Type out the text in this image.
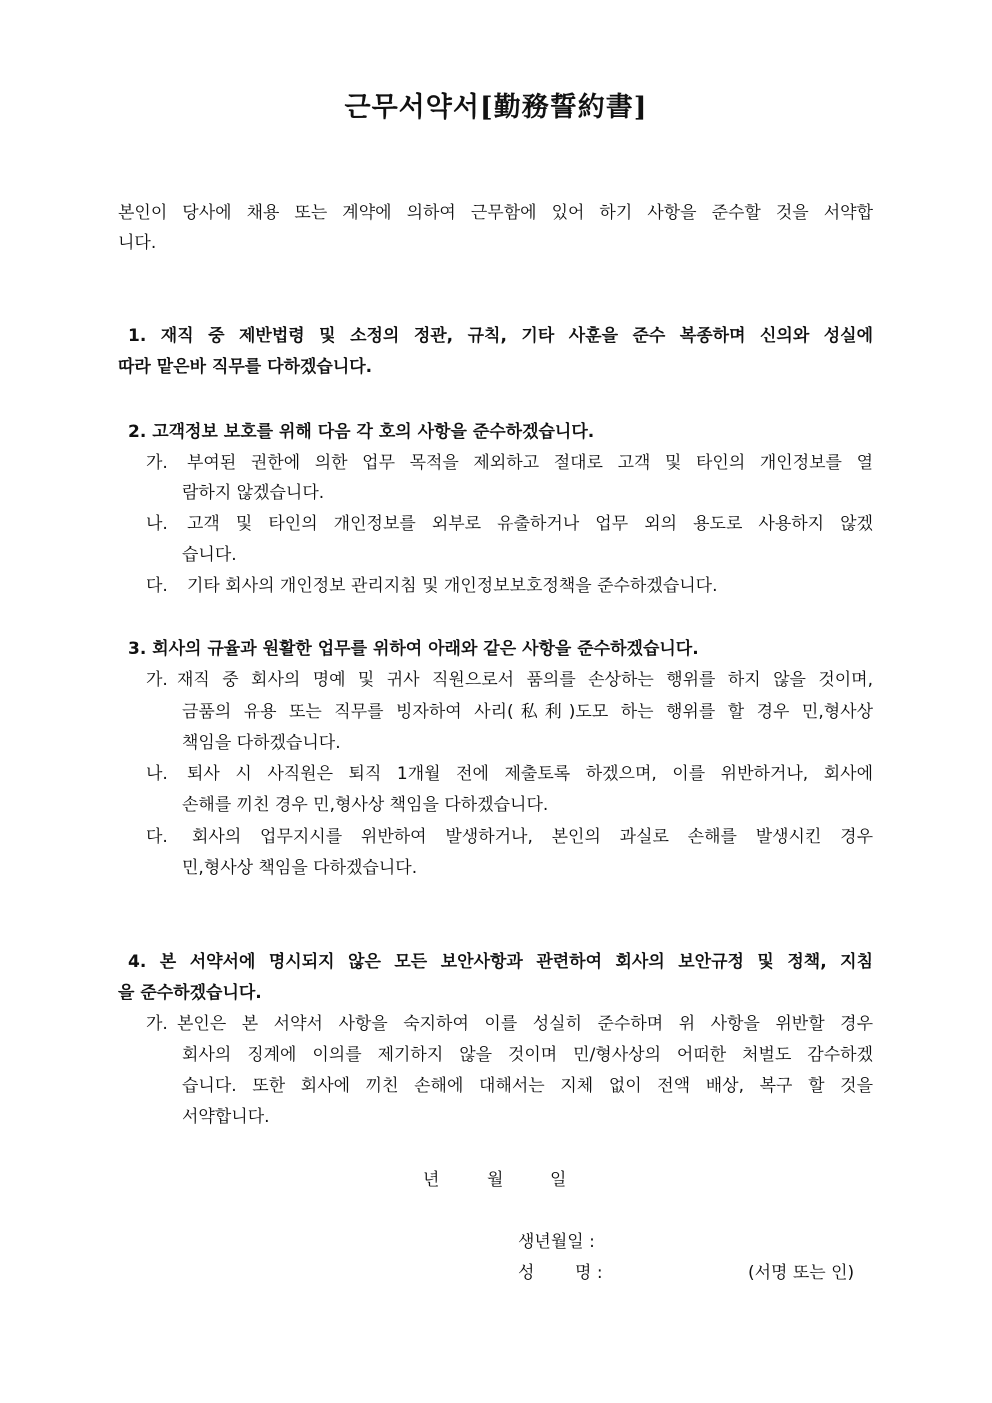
근무서약서[勤務誓約書]
본인이 당사에 채용 또는 계약에 의하여 근무함에 있어 하기 사항을 준수할 것을 서약합
니다.
1. 재직 중 제반법령 및 소정의 정관, 규칙, 기타 사훈을 준수 복종하며 신의와 성실에
따라 맡은바 직무를 다하겠습니다.
2. 고객정보 보호를 위해 다음 각 호의 사항을 준수하겠습니다.
가. 부여된 권한에 의한 업무 목적을 제외하고 절대로 고객 및 타인의 개인정보를 열
람하지 않겠습니다.
나. 고객 및 타인의 개인정보를 외부로 유출하거나 업무 외의 용도로 사용하지 않겠
습니다.
다. 기타 회사의 개인정보 관리지침 및 개인정보보호정책을 준수하겠습니다.
3. 회사의 규율과 원활한 업무를 위하여 아래와 같은 사항을 준수하겠습니다.
가. 재직 중 회사의 명예 및 귀사 직원으로서 품의를 손상하는 행위를 하지 않을 것이며,
금품의 유용 또는 직무를 빙자하여 사리(私利)도모 하는 행위를 할 경우 민,형사상
책임을 다하겠습니다.
나. 퇴사 시 사직원은 퇴직 1개월 전에 제출토록 하겠으며, 이를 위반하거나, 회사에
손해를 끼친 경우 민,형사상 책임을 다하겠습니다.
다. 회사의 업무지시를 위반하여 발생하거나, 본인의 과실로 손해를 발생시킨 경우
민,형사상 책임을 다하겠습니다.
4. 본 서약서에 명시되지 않은 모든 보안사항과 관련하여 회사의 보안규정 및 정책, 지침
을 준수하겠습니다.
가. 본인은 본 서약서 사항을 숙지하여 이를 성실히 준수하며 위 사항을 위반할 경우
회사의 징계에 이의를 제기하지 않을 것이며 민/형사상의 어떠한 처벌도 감수하겠
습니다. 또한 회사에 끼친 손해에 대해서는 지체 없이 전액 배상, 복구 할 것을
서약합니다.
년	월	일
생년월일 :
성 명 :	(서명 또는 인)
